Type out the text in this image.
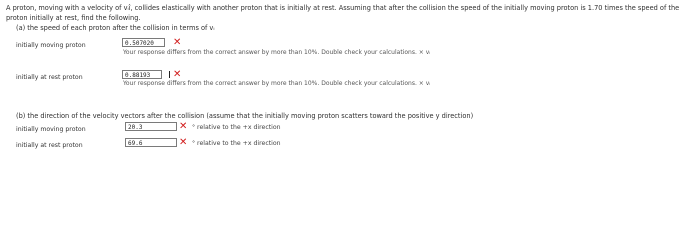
A proton, moving with a velocity of vᵢî, collides elastically with another proton that is initially at rest. Assuming that after the collision the speed of the initially moving proton is 1.70 times the speed of the proton initially at rest, find the following.
(a) the speed of each proton after the collision in terms of vᵢ
initially moving proton	0.507020	✕
Your response differs from the correct answer by more than 10%. Double check your calculations. × vᵢ
initially at rest proton	0.88193	✕
Your response differs from the correct answer by more than 10%. Double check your calculations. × vᵢ
(b) the direction of the velocity vectors after the collision (assume that the initially moving proton scatters toward the positive y direction)
initially moving proton	20.3	✕ ° relative to the +x direction
initially at rest proton	69.6	✕ ° relative to the +x direction
